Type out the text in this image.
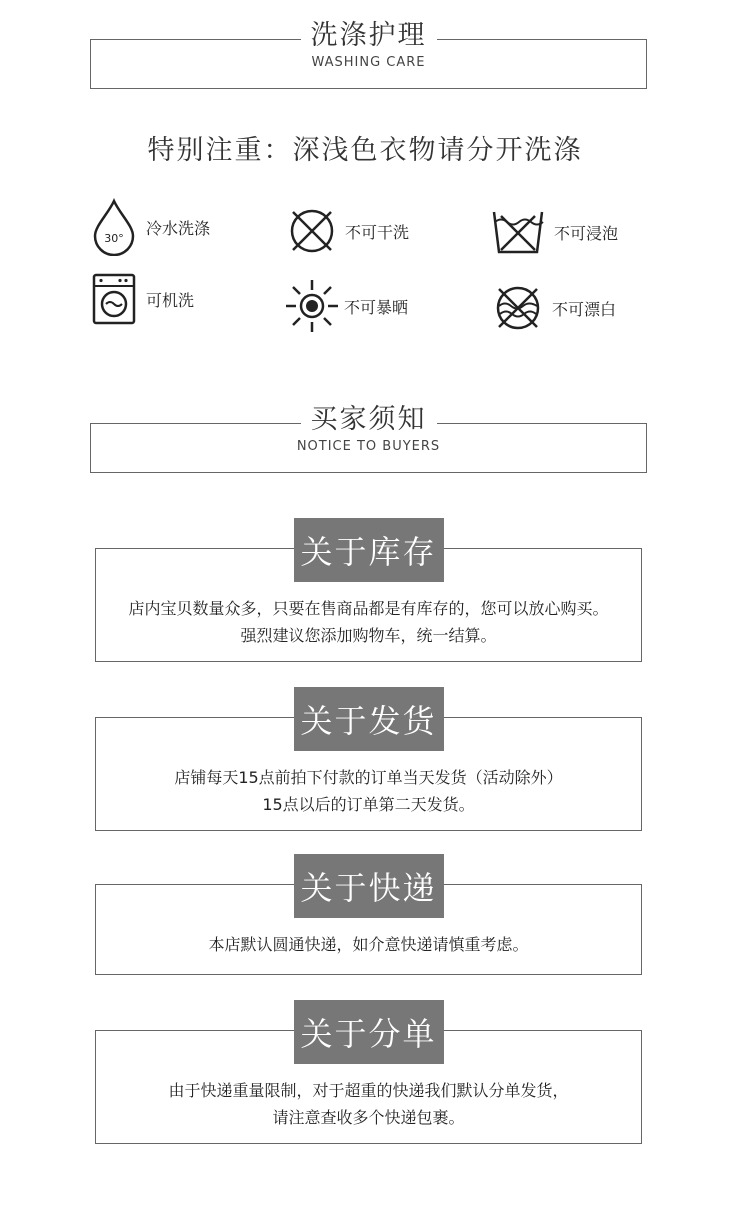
洗涤护理
WASHING CARE
特别注重：深浅色衣物请分开洗涤
30°
冷水洗涤	不可干洗	不可浸泡
可机洗	不可暴晒	不可漂白
买家须知
NOTICE TO BUYERS
关于库存
店内宝贝数量众多，只要在售商品都是有库存的，您可以放心购买。
强烈建议您添加购物车，统一结算。
关于发货
店铺每天15点前拍下付款的订单当天发货（活动除外）
15点以后的订单第二天发货。
关于快递
本店默认圆通快递，如介意快递请慎重考虑。
关于分单
由于快递重量限制，对于超重的快递我们默认分单发货，
请注意查收多个快递包裹。
